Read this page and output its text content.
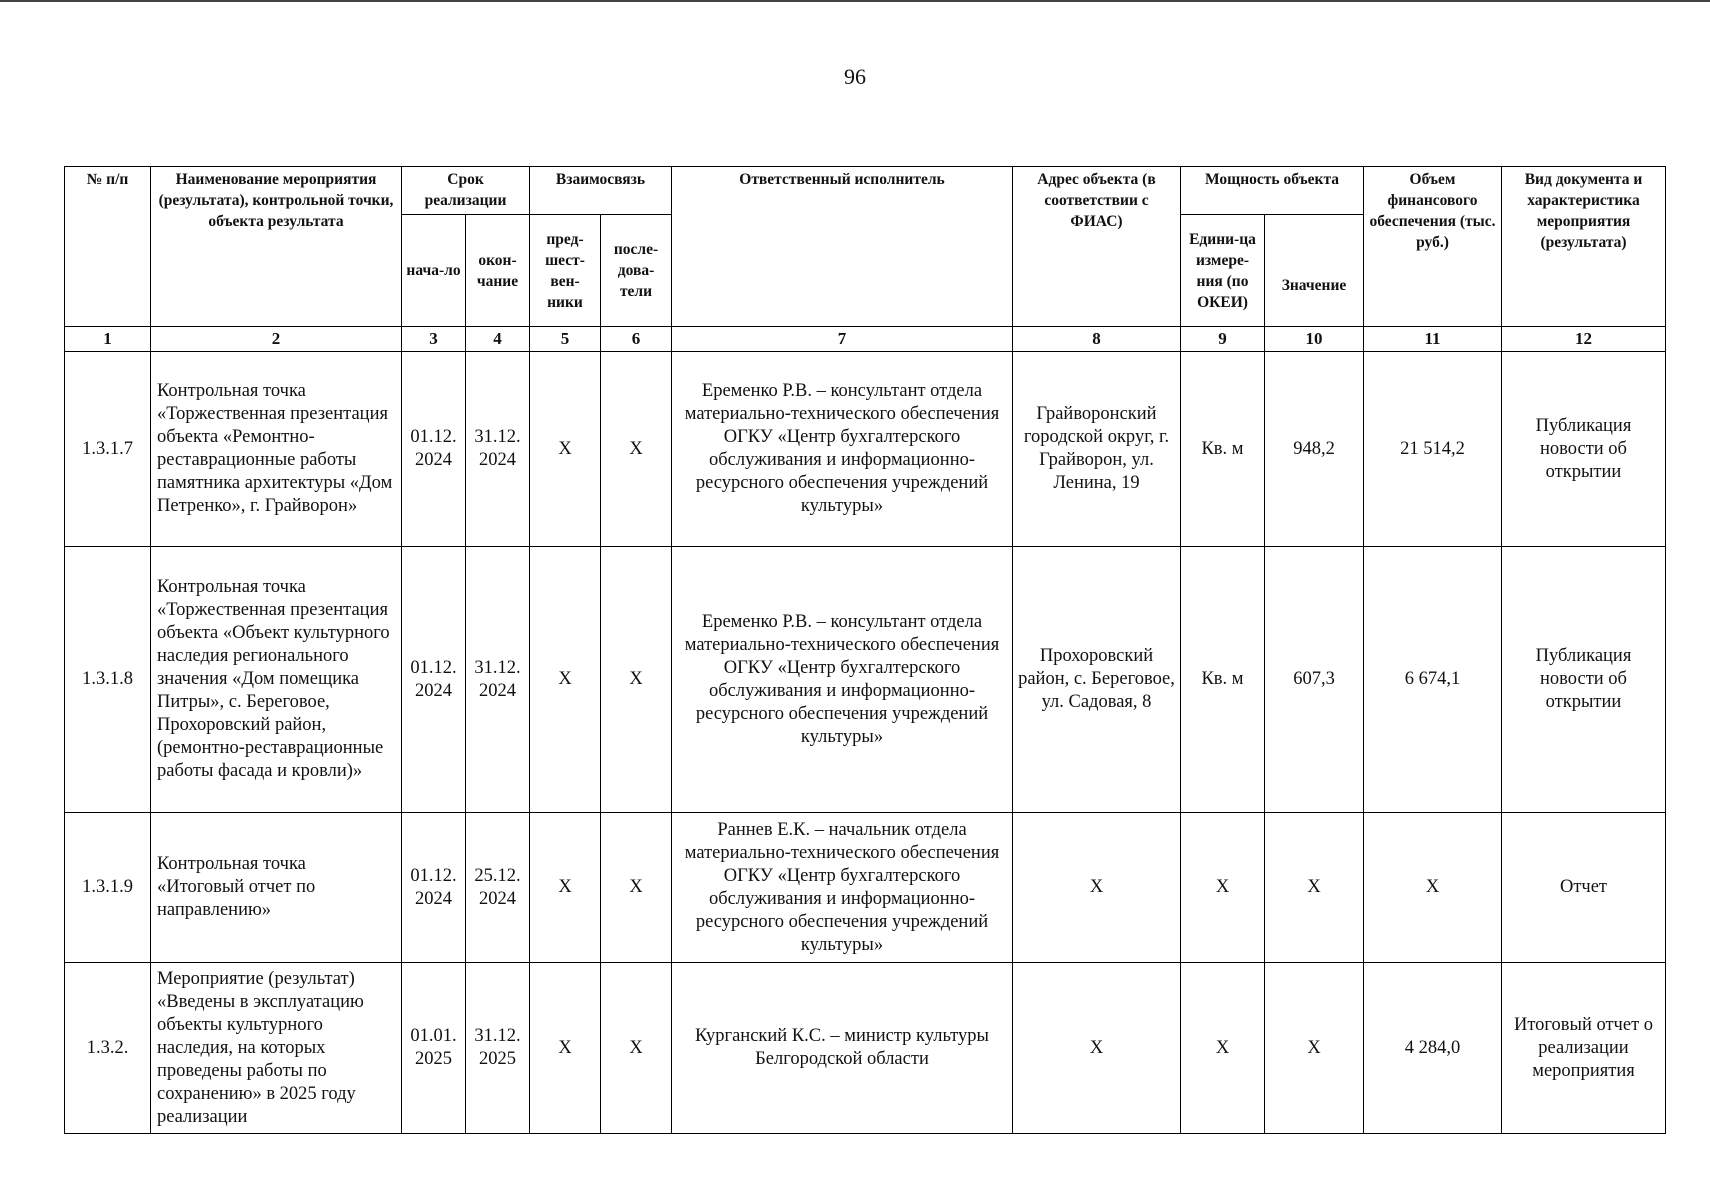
96
№ п/п	Наименование мероприятия (результата), контрольной точки, объекта результата	Срок реализации		Взаимосвязь		Ответственный исполнитель	Адрес объекта (в соответствии с ФИАС)	Мощность объекта		Объем финансового обеспечения (тыс. руб.)	Вид документа и характеристика мероприятия (результата)
		нача-ло	окон-чание	пред-шест-вен-ники	после-дова-тели			Едини-ца измере-ния (по ОКЕИ)	Значение		
1	2	3	4	5	6	7	8	9	10	11	12
1.3.1.7	Контрольная точка «Торжественная презентация объекта «Ремонтно-реставрационные работы памятника архитектуры «Дом Петренко», г. Грайворон»	01.12. 2024	31.12. 2024	X	X	Еременко Р.В. – консультант отдела материально-технического обеспечения ОГКУ «Центр бухгалтерского обслуживания и информационно-ресурсного обеспечения учреждений культуры»	Грайворонский городской округ, г. Грайворон, ул. Ленина, 19	Кв. м	948,2	21 514,2	Публикация новости об открытии
1.3.1.8	Контрольная точка «Торжественная презентация объекта «Объект культурного наследия регионального значения «Дом помещика Питры», с. Береговое, Прохоровский район, (ремонтно-реставрационные работы фасада и кровли)»	01.12. 2024	31.12. 2024	X	X	Еременко Р.В. – консультант отдела материально-технического обеспечения ОГКУ «Центр бухгалтерского обслуживания и информационно-ресурсного обеспечения учреждений культуры»	Прохоровский район, с. Береговое, ул. Садовая, 8	Кв. м	607,3	6 674,1	Публикация новости об открытии
1.3.1.9	Контрольная точка «Итоговый отчет по направлению»	01.12. 2024	25.12. 2024	X	X	Раннев Е.К. – начальник отдела материально-технического обеспечения ОГКУ «Центр бухгалтерского обслуживания и информационно-ресурсного обеспечения учреждений культуры»	X	X	X	X	Отчет
1.3.2.	Мероприятие (результат) «Введены в эксплуатацию объекты культурного наследия, на которых проведены работы по сохранению» в 2025 году реализации	01.01. 2025	31.12. 2025	X	X	Курганский К.С. – министр культуры Белгородской области	X	X	X	4 284,0	Итоговый отчет о реализации мероприятия
